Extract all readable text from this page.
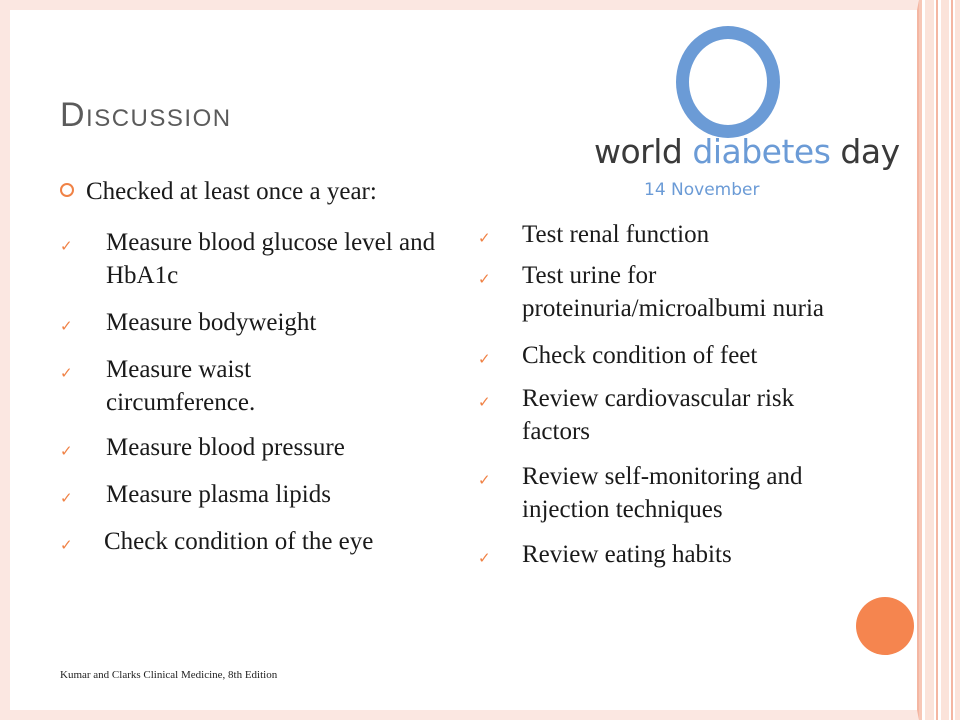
world diabetes day
14 November
Discussion
Checked at least once a year:
✓ Measure blood glucose level and HbA1c
✓ Measure bodyweight
✓ Measure waist circumference.
✓ Measure blood pressure
✓ Measure plasma lipids
✓ Check condition of the eye
✓ Test renal function
✓ Test urine for proteinuria/microalbumi nuria
✓ Check condition of feet
✓ Review cardiovascular risk factors
✓ Review self-monitoring and injection techniques
✓ Review eating habits
Kumar and Clarks Clinical Medicine, 8th Edition
